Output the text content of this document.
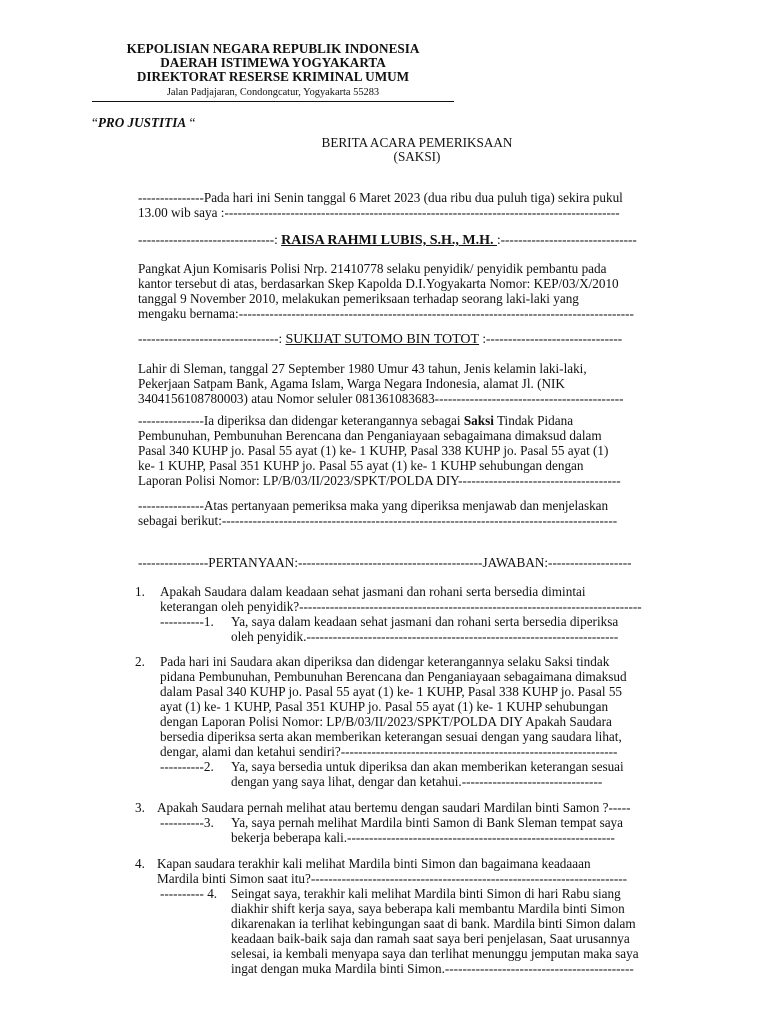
KEPOLISIAN NEGARA REPUBLIK INDONESIA
DAERAH ISTIMEWA YOGYAKARTA
DIREKTORAT RESERSE KRIMINAL UMUM
Jalan Padjajaran, Condongcatur, Yogyakarta 55283
“PRO JUSTITIA “
BERITA ACARA PEMERIKSAAN
(SAKSI)
---------------Pada hari ini Senin tanggal 6 Maret 2023 (dua ribu dua puluh tiga) sekira pukul
13.00 wib saya :------------------------------------------------------------------------------------------
-------------------------------: RAISA RAHMI LUBIS, S.H., M.H. :-------------------------------
Pangkat Ajun Komisaris Polisi Nrp. 21410778 selaku penyidik/ penyidik pembantu pada
kantor tersebut di atas, berdasarkan Skep Kapolda D.I.Yogyakarta Nomor: KEP/03/X/2010
tanggal 9 November 2010, melakukan pemeriksaan terhadap seorang laki-laki yang
mengaku bernama:------------------------------------------------------------------------------------------
--------------------------------: SUKIJAT SUTOMO BIN TOTOT :-------------------------------
Lahir di Sleman, tanggal 27 September 1980 Umur 43 tahun, Jenis kelamin laki-laki,
Pekerjaan Satpam Bank, Agama Islam, Warga Negara Indonesia, alamat Jl. (NIK
3404156108780003) atau Nomor seluler 081361083683-------------------------------------------
---------------Ia diperiksa dan didengar keterangannya sebagai Saksi Tindak Pidana
Pembunuhan, Pembunuhan Berencana dan Penganiayaan sebagaimana dimaksud dalam
Pasal 340 KUHP jo. Pasal 55 ayat (1) ke- 1 KUHP, Pasal 338 KUHP jo. Pasal 55 ayat (1)
ke- 1 KUHP, Pasal 351 KUHP jo. Pasal 55 ayat (1) ke- 1 KUHP sehubungan dengan
Laporan Polisi Nomor: LP/B/03/II/2023/SPKT/POLDA DIY-------------------------------------
---------------Atas pertanyaan pemeriksa maka yang diperiksa menjawab dan menjelaskan
sebagai berikut:------------------------------------------------------------------------------------------
----------------PERTANYAAN:------------------------------------------JAWABAN:-------------------
1.	Apakah Saudara dalam keadaan sehat jasmani dan rohani serta bersedia dimintai
keterangan oleh penyidik?------------------------------------------------------------------------------
----------1.	Ya, saya dalam keadaan sehat jasmani dan rohani serta bersedia diperiksa
oleh penyidik.-----------------------------------------------------------------------
2.	Pada hari ini Saudara akan diperiksa dan didengar keterangannya selaku Saksi tindak
pidana Pembunuhan, Pembunuhan Berencana dan Penganiayaan sebagaimana dimaksud
dalam Pasal 340 KUHP jo. Pasal 55 ayat (1) ke- 1 KUHP, Pasal 338 KUHP jo. Pasal 55
ayat (1) ke- 1 KUHP, Pasal 351 KUHP jo. Pasal 55 ayat (1) ke- 1 KUHP sehubungan
dengan Laporan Polisi Nomor: LP/B/03/II/2023/SPKT/POLDA DIY Apakah Saudara
bersedia diperiksa serta akan memberikan keterangan sesuai dengan yang saudara lihat,
dengar, alami dan ketahui sendiri?---------------------------------------------------------------
----------2.	Ya, saya bersedia untuk diperiksa dan akan memberikan keterangan sesuai
dengan yang saya lihat, dengar dan ketahui.--------------------------------
3. Apakah Saudara pernah melihat atau bertemu dengan saudari Mardilan binti Samon ?-----
----------3.	Ya, saya pernah melihat Mardila binti Samon di Bank Sleman tempat saya
bekerja beberapa kali.-------------------------------------------------------------
4. Kapan saudara terakhir kali melihat Mardila binti Simon dan bagaimana keadaaan
Mardila binti Simon saat itu?------------------------------------------------------------------------
---------- 4.	Seingat saya, terakhir kali melihat Mardila binti Simon di hari Rabu siang
diakhir shift kerja saya, saya beberapa kali membantu Mardila binti Simon
dikarenakan ia terlihat kebingungan saat di bank. Mardila binti Simon dalam
keadaan baik-baik saja dan ramah saat saya beri penjelasan, Saat urusannya
selesai, ia kembali menyapa saya dan terlihat menunggu jemputan maka saya
ingat dengan muka Mardila binti Simon.-------------------------------------------
